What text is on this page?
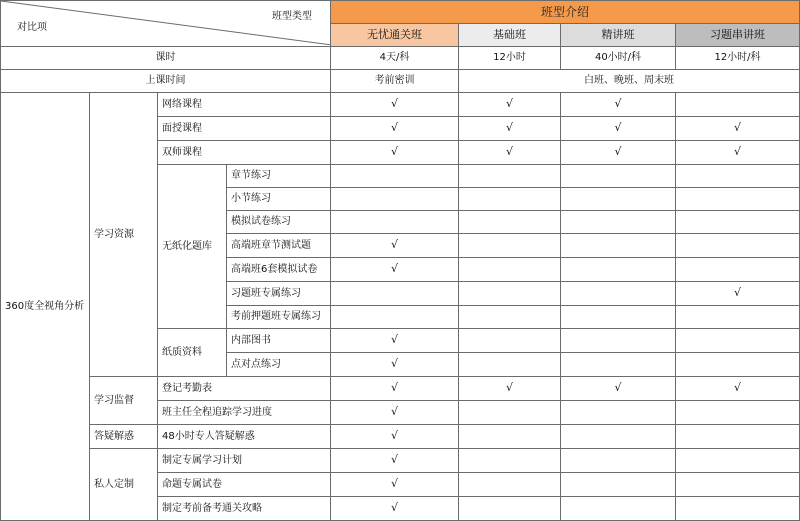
班型类型
对比项				班型介绍			
				无忧通关班	基础班	精讲班	习题串讲班
课时				4天/科	12小时	40小时/科	12小时/科
上课时间				考前密训	白班、晚班、周末班		
360度全视角分析	学习资源	网络课程		√	√	√	
		面授课程		√	√	√	√
		双师课程		√	√	√	√
		无纸化题库	章节练习				
			小节练习				
			模拟试卷练习				
			高端班章节测试题	√			
			高端班6套模拟试卷	√			
			习题班专属练习				√
			考前押题班专属练习				
		纸质资料	内部图书	√			
			点对点练习	√			
	学习监督	登记考勤表		√	√	√	√
		班主任全程追踪学习进度		√			
	答疑解惑	48小时专人答疑解惑		√			
	私人定制	制定专属学习计划		√			
		命题专属试卷		√			
		制定考前备考通关攻略		√			
